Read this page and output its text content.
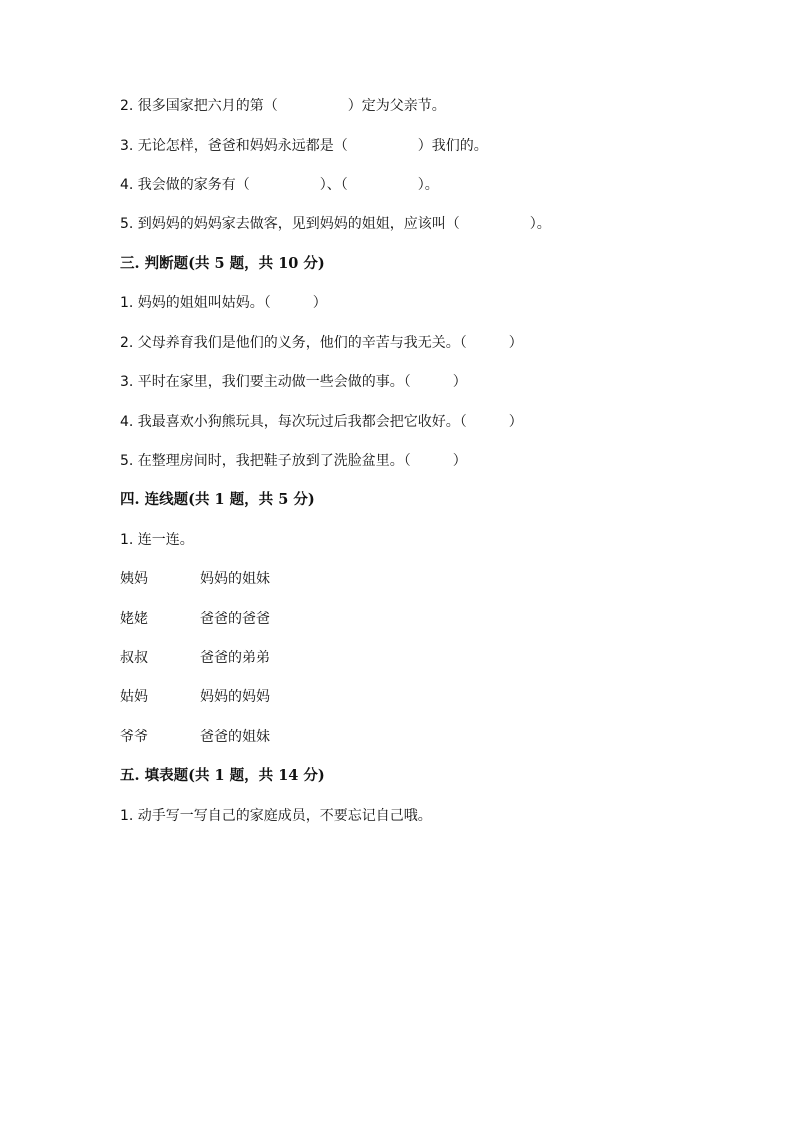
2. 很多国家把六月的第（　　　　　）定为父亲节。
3. 无论怎样，爸爸和妈妈永远都是（　　　　　）我们的。
4. 我会做的家务有（　　　　　）、（　　　　　）。
5. 到妈妈的妈妈家去做客，见到妈妈的姐姐，应该叫（　　　　　）。
三. 判断题(共 5 题，共 10 分)
1. 妈妈的姐姐叫姑妈。（　　　）
2. 父母养育我们是他们的义务，他们的辛苦与我无关。（　　　）
3. 平时在家里，我们要主动做一些会做的事。（　　　）
4. 我最喜欢小狗熊玩具，每次玩过后我都会把它收好。（　　　）
5. 在整理房间时，我把鞋子放到了洗脸盆里。（　　　）
四. 连线题(共 1 题，共 5 分)
1. 连一连。
姨妈	妈妈的姐妹
姥姥	爸爸的爸爸
叔叔	爸爸的弟弟
姑妈	妈妈的妈妈
爷爷	爸爸的姐妹
五. 填表题(共 1 题，共 14 分)
1. 动手写一写自己的家庭成员，不要忘记自己哦。
